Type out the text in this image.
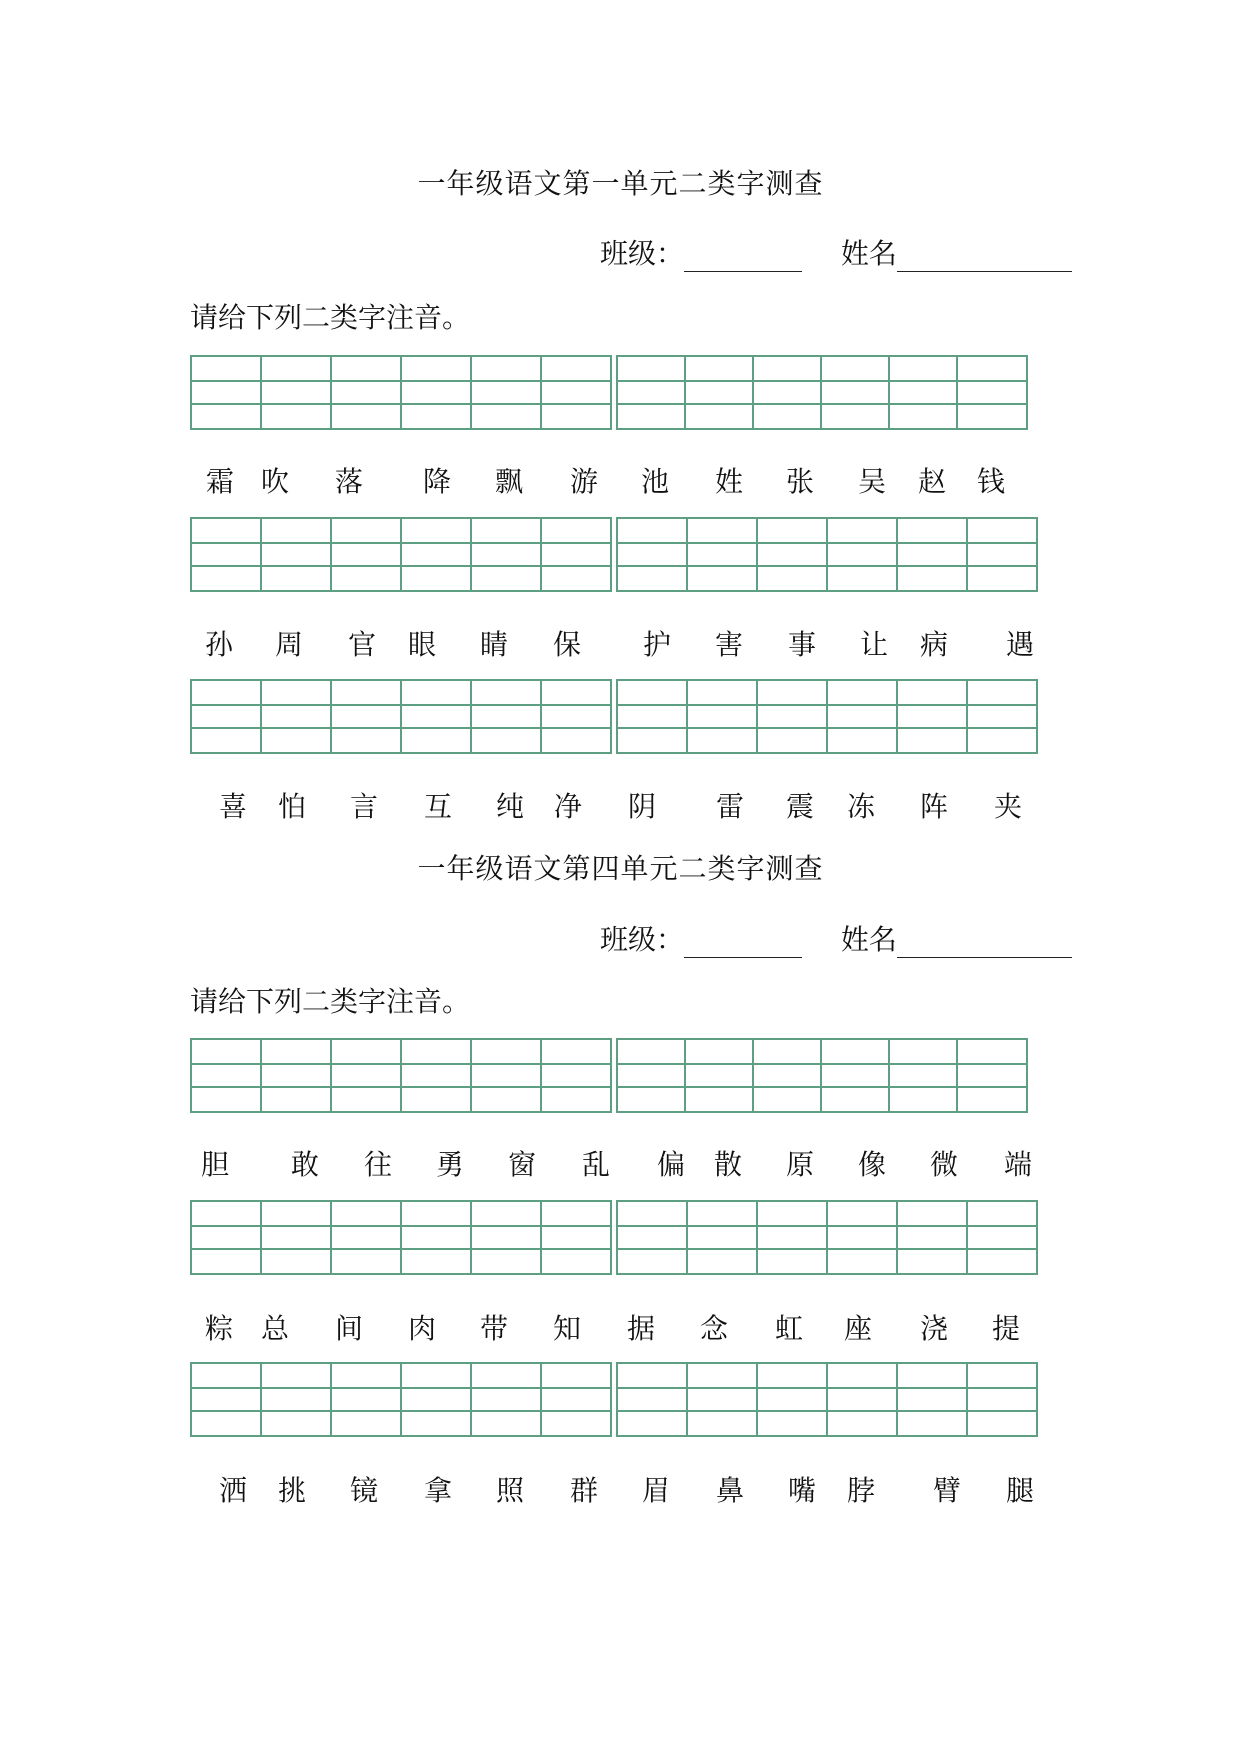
一年级语文第一单元二类字测查
班级：	姓名
请给下列二类字注音。
霜 吹 落 降 飘 游 池 姓 张 吴 赵 钱
孙 周 官 眼 睛 保 护 害 事 让 病 遇
喜 怕 言 互 纯 净 阴 雷 震 冻 阵 夹
一年级语文第四单元二类字测查
班级：	姓名
请给下列二类字注音。
胆 敢 往 勇 窗 乱 偏 散 原 像 微 端
粽 总 间 肉 带 知 据 念 虹 座 浇 提
洒 挑 镜 拿 照 群 眉 鼻 嘴 脖 臂 腿
